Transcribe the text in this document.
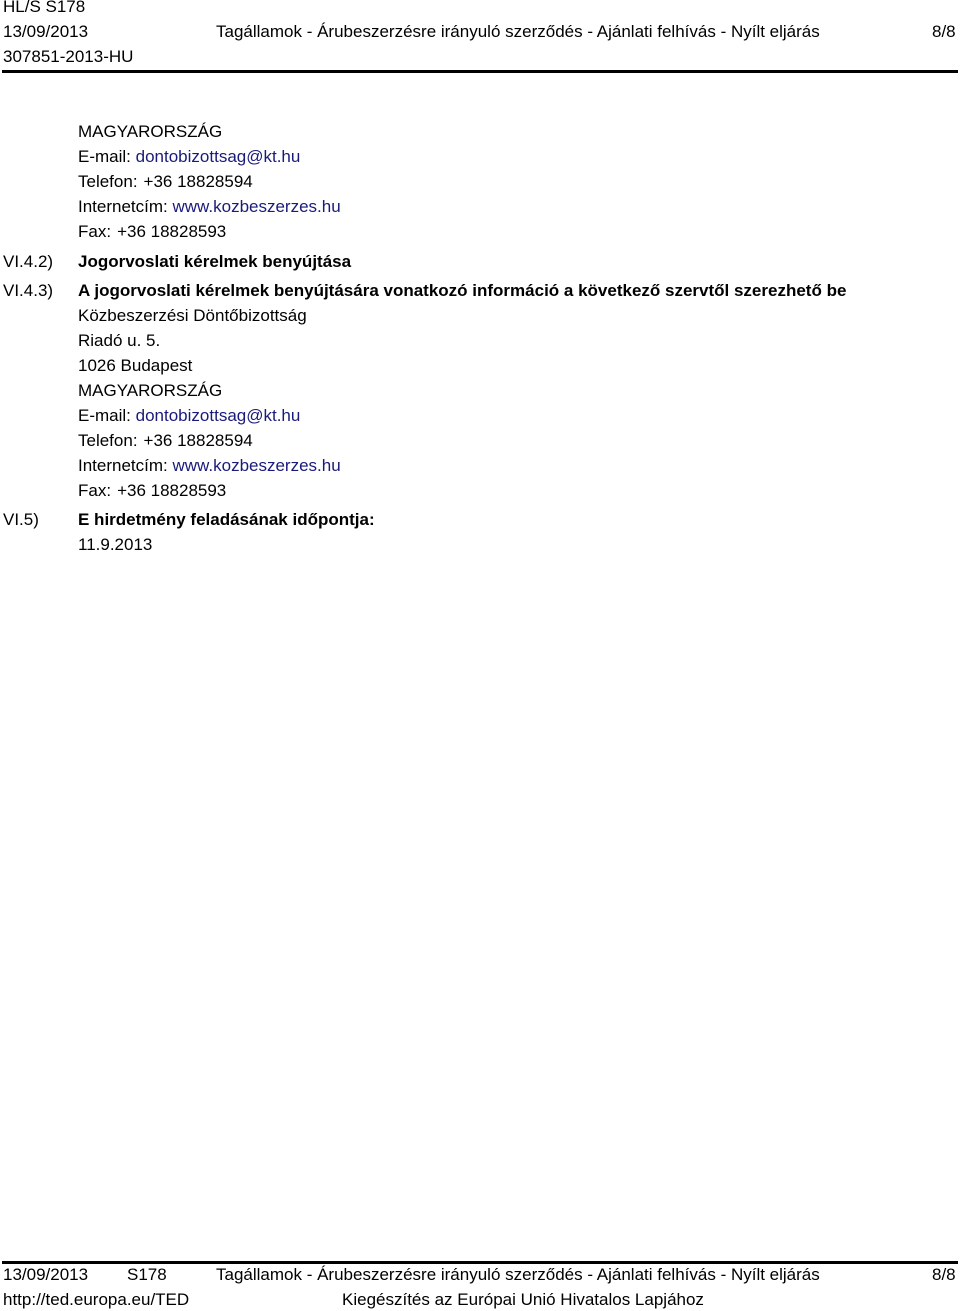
HL/S S178
13/09/2013	Tagállamok - Árubeszerzésre irányuló szerződés - Ajánlati felhívás - Nyílt eljárás	8/8
307851-2013-HU
MAGYARORSZÁG
E-mail: dontobizottsag@kt.hu
Telefon: +36 18828594
Internetcím: www.kozbeszerzes.hu
Fax: +36 18828593
VI.4.2) Jogorvoslati kérelmek benyújtása
VI.4.3) A jogorvoslati kérelmek benyújtására vonatkozó információ a következő szervtől szerezhető be
Közbeszerzési Döntőbizottság
Riadó u. 5.
1026 Budapest
MAGYARORSZÁG
E-mail: dontobizottsag@kt.hu
Telefon: +36 18828594
Internetcím: www.kozbeszerzes.hu
Fax: +36 18828593
VI.5) E hirdetmény feladásának időpontja:
11.9.2013
13/09/2013 S178	Tagállamok - Árubeszerzésre irányuló szerződés - Ajánlati felhívás - Nyílt eljárás	8/8
http://ted.europa.eu/TED	Kiegészítés az Európai Unió Hivatalos Lapjához
